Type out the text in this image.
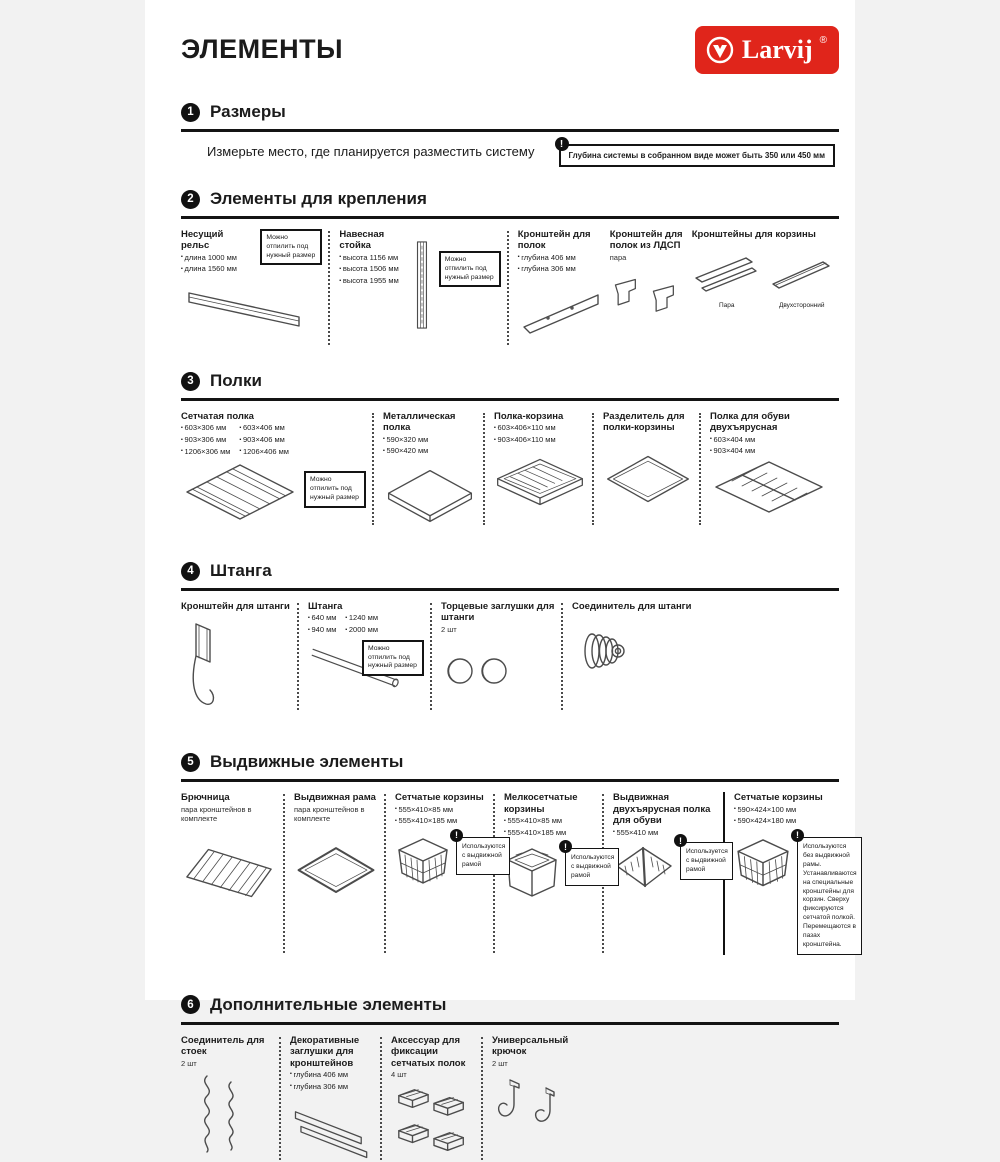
ЭЛЕМЕНТЫ	Larvij ®
1 Размеры
Измерьте место, где планируется разместить систему	!
Глубина системы в собранном виде может быть 350 или 450 мм
2 Элементы для крепления
Несущий рельс
▪ длина 1000 мм
▪ длина 1560 мм
Можно отпилить под нужный размер
Навесная стойка
▪ высота 1156 мм
▪ высота 1506 мм
▪ высота 1955 мм
Можно отпилить под нужный размер
Кронштейн для полок
▪ глубина 406 мм
▪ глубина 306 мм
Кронштейн для полок из ЛДСП
пара
Кронштейны для корзины
Пара	Двухсторонний
3 Полки
Сетчатая полка
▪ 603×306 мм	▪ 603×406 мм
▪ 903×306 мм	▪ 903×406 мм
▪ 1206×306 мм	▪ 1206×406 мм
Можно отпилить под нужный размер
Металлическая полка
▪ 590×320 мм
▪ 590×420 мм
Полка-корзина
▪ 603×406×110 мм
▪ 903×406×110 мм
Разделитель для полки-корзины
Полка для обуви двухъярусная
▪ 603×404 мм
▪ 903×404 мм
4 Штанга
Кронштейн для штанги Штанга
▪ 640 мм	▪ 1240 мм
▪ 940 мм	▪ 2000 мм
Можно отпилить под нужный размер
Торцевые заглушки для штанги
2 шт
Соединитель для штанги
5 Выдвижные элементы
Брючница
пара кронштейнов в комплекте
Выдвижная рама
пара кронштейнов в комплекте
Сетчатые корзины
▪ 555×410×85 мм
▪ 555×410×185 мм
!
Используются с выдвижной рамой
Мелкосетчатые корзины
▪ 555×410×85 мм
▪ 555×410×185 мм
!
Используются с выдвижной рамой
Выдвижная двухъярусная полка для обуви
▪ 555×410 мм
!
Используется с выдвижной рамой
Сетчатые корзины
▪ 590×424×100 мм
▪ 590×424×180 мм
!
Используются без выдвижной рамы. Устанавливаются на специальные кронштейны для корзин. Сверху фиксируются сетчатой полкой. Перемещаются в пазах кронштейна.
6 Дополнительные элементы
Соединитель для стоек
2 шт
Декоративные заглушки для кронштейнов
▪ глубина 406 мм
▪ глубина 306 мм
Аксессуар для фиксации сетчатых полок
4 шт
Универсальный крючок
2 шт
